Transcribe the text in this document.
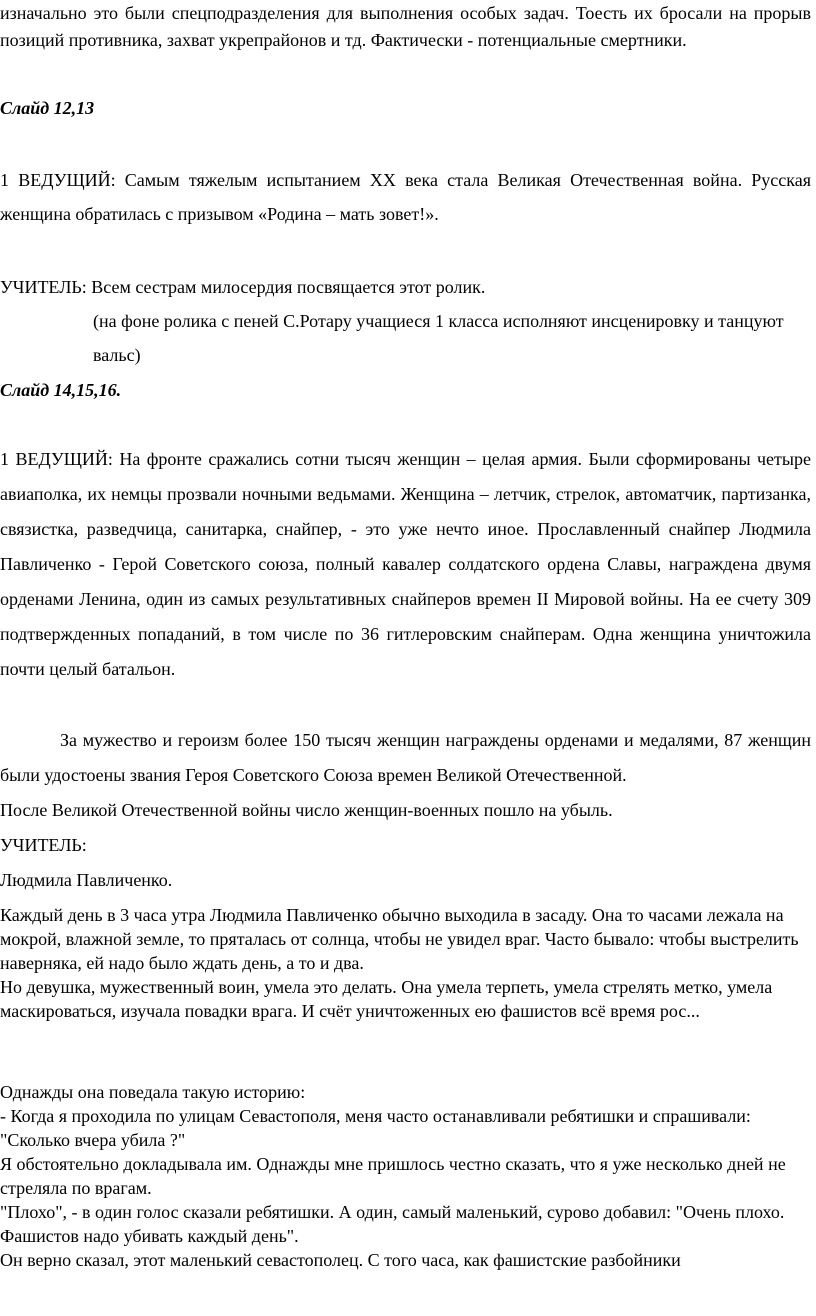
изначально это были спецподразделения для выполнения особых задач. Тоесть их бросали на прорыв позиций противника, захват укрепрайонов и тд. Фактически - потенциальные смертники.

Слайд 12,13

1 ВЕДУЩИЙ: Самым тяжелым испытанием ХХ века стала Великая Отечественная война. Русская женщина обратилась с призывом «Родина – мать зовет!».

УЧИТЕЛЬ: Всем сестрам милосердия посвящается этот ролик.

(на фоне ролика с пеней С.Ротару учащиеся 1 класса исполняют инсценировку и танцуют вальс)

Слайд 14,15,16.

1 ВЕДУЩИЙ: На фронте сражались сотни тысяч женщин – целая армия. Были сформированы четыре авиаполка, их немцы прозвали ночными ведьмами. Женщина – летчик, стрелок, автоматчик, партизанка, связистка, разведчица, санитарка, снайпер, - это уже нечто иное. Прославленный снайпер Людмила Павличенко - Герой Советского союза, полный кавалер солдатского ордена Славы, награждена двумя орденами Ленина, один из самых результативных снайперов времен II Мировой войны. На ее счету 309 подтвержденных попаданий, в том числе по 36 гитлеровским снайперам. Одна женщина уничтожила почти целый батальон.

За мужество и героизм более 150 тысяч женщин награждены орденами и медалями, 87 женщин были удостоены звания Героя Советского Союза времен Великой Отечественной.

После Великой Отечественной войны число женщин-военных пошло на убыль.

УЧИТЕЛЬ:

Людмила Павличенко.

Каждый день в 3 часа утра Людмила Павличенко обычно выходила в засаду. Она то часами лежала на мокрой, влажной земле, то пряталась от солнца, чтобы не увидел враг. Часто бывало: чтобы выстрелить наверняка, ей надо было ждать день, а то и два.
Но девушка, мужественный воин, умела это делать. Она умела терпеть, умела стрелять метко, умела маскироваться, изучала повадки врага. И счёт уничтоженных ею фашистов всё время рос...

Однажды она поведала такую историю:
- Когда я проходила по улицам Севастополя, меня часто останавливали ребятишки и спрашивали: "Сколько вчера убила ?"
Я обстоятельно докладывала им. Однажды мне пришлось честно сказать, что я уже несколько дней не стреляла по врагам.
"Плохо", - в один голос сказали ребятишки. А один, самый маленький, сурово добавил: "Очень плохо. Фашистов надо убивать каждый день".
Он верно сказал, этот маленький севастополец. С того часа, как фашистские разбойники
